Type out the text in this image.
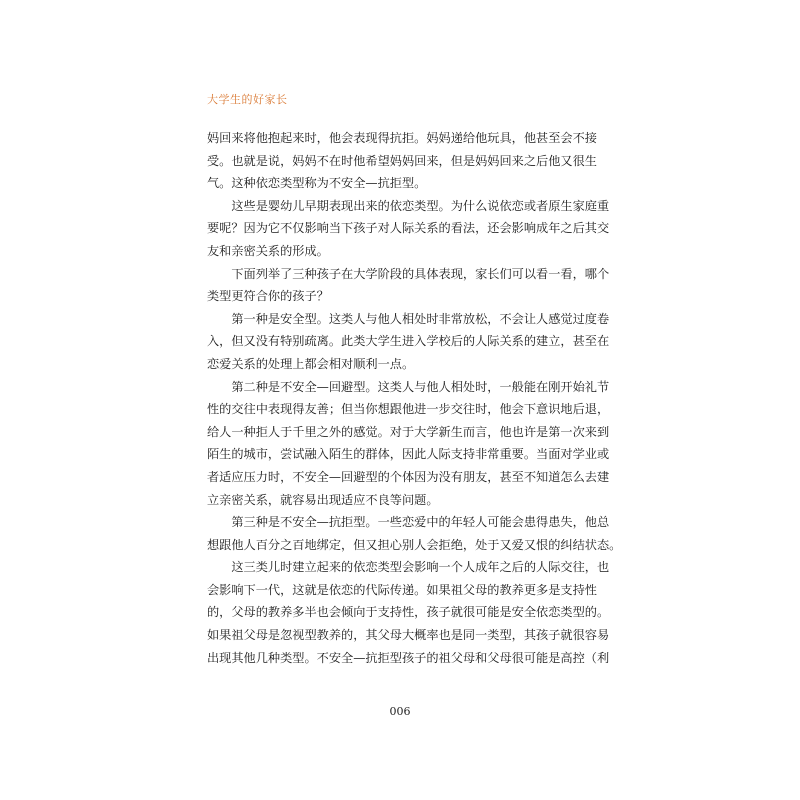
大学生的好家长
妈回来将他抱起来时，他会表现得抗拒。妈妈递给他玩具，他甚至会不接
受。也就是说，妈妈不在时他希望妈妈回来，但是妈妈回来之后他又很生
气。这种依恋类型称为不安全—抗拒型。
　　这些是婴幼儿早期表现出来的依恋类型。为什么说依恋或者原生家庭重
要呢？因为它不仅影响当下孩子对人际关系的看法，还会影响成年之后其交
友和亲密关系的形成。
　　下面列举了三种孩子在大学阶段的具体表现，家长们可以看一看，哪个
类型更符合你的孩子？
　　第一种是安全型。这类人与他人相处时非常放松，不会让人感觉过度卷
入，但又没有特别疏离。此类大学生进入学校后的人际关系的建立，甚至在
恋爱关系的处理上都会相对顺利一点。
　　第二种是不安全—回避型。这类人与他人相处时，一般能在刚开始礼节
性的交往中表现得友善；但当你想跟他进一步交往时，他会下意识地后退，
给人一种拒人于千里之外的感觉。对于大学新生而言，他也许是第一次来到
陌生的城市，尝试融入陌生的群体，因此人际支持非常重要。当面对学业或
者适应压力时，不安全—回避型的个体因为没有朋友，甚至不知道怎么去建
立亲密关系，就容易出现适应不良等问题。
　　第三种是不安全—抗拒型。一些恋爱中的年轻人可能会患得患失，他总
想跟他人百分之百地绑定，但又担心别人会拒绝，处于又爱又恨的纠结状态。
　　这三类儿时建立起来的依恋类型会影响一个人成年之后的人际交往，也
会影响下一代，这就是依恋的代际传递。如果祖父母的教养更多是支持性
的，父母的教养多半也会倾向于支持性，孩子就很可能是安全依恋类型的。
如果祖父母是忽视型教养的，其父母大概率也是同一类型，其孩子就很容易
出现其他几种类型。不安全—抗拒型孩子的祖父母和父母很可能是高控（利
006
